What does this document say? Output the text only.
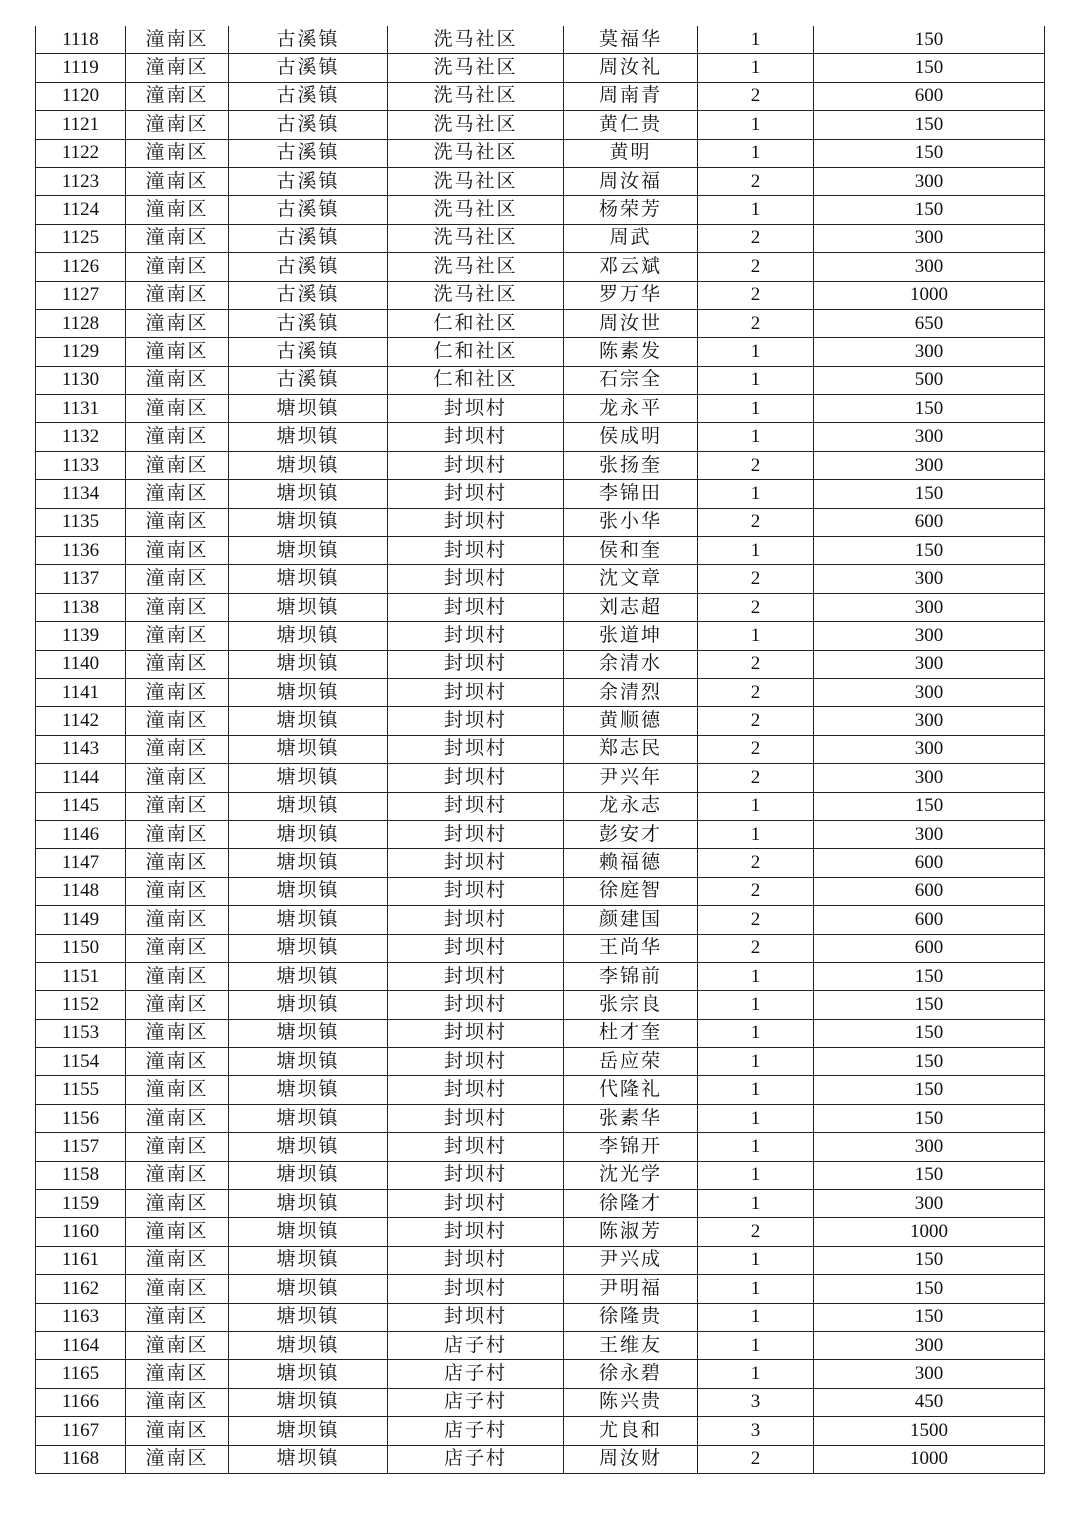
1118	潼南区	古溪镇	洗马社区	莫福华	1	150
1119	潼南区	古溪镇	洗马社区	周汝礼	1	150
1120	潼南区	古溪镇	洗马社区	周南青	2	600
1121	潼南区	古溪镇	洗马社区	黄仁贵	1	150
1122	潼南区	古溪镇	洗马社区	黄明	1	150
1123	潼南区	古溪镇	洗马社区	周汝福	2	300
1124	潼南区	古溪镇	洗马社区	杨荣芳	1	150
1125	潼南区	古溪镇	洗马社区	周武	2	300
1126	潼南区	古溪镇	洗马社区	邓云斌	2	300
1127	潼南区	古溪镇	洗马社区	罗万华	2	1000
1128	潼南区	古溪镇	仁和社区	周汝世	2	650
1129	潼南区	古溪镇	仁和社区	陈素发	1	300
1130	潼南区	古溪镇	仁和社区	石宗全	1	500
1131	潼南区	塘坝镇	封坝村	龙永平	1	150
1132	潼南区	塘坝镇	封坝村	侯成明	1	300
1133	潼南区	塘坝镇	封坝村	张扬奎	2	300
1134	潼南区	塘坝镇	封坝村	李锦田	1	150
1135	潼南区	塘坝镇	封坝村	张小华	2	600
1136	潼南区	塘坝镇	封坝村	侯和奎	1	150
1137	潼南区	塘坝镇	封坝村	沈文章	2	300
1138	潼南区	塘坝镇	封坝村	刘志超	2	300
1139	潼南区	塘坝镇	封坝村	张道坤	1	300
1140	潼南区	塘坝镇	封坝村	余清水	2	300
1141	潼南区	塘坝镇	封坝村	余清烈	2	300
1142	潼南区	塘坝镇	封坝村	黄顺德	2	300
1143	潼南区	塘坝镇	封坝村	郑志民	2	300
1144	潼南区	塘坝镇	封坝村	尹兴年	2	300
1145	潼南区	塘坝镇	封坝村	龙永志	1	150
1146	潼南区	塘坝镇	封坝村	彭安才	1	300
1147	潼南区	塘坝镇	封坝村	赖福德	2	600
1148	潼南区	塘坝镇	封坝村	徐庭智	2	600
1149	潼南区	塘坝镇	封坝村	颜建国	2	600
1150	潼南区	塘坝镇	封坝村	王尚华	2	600
1151	潼南区	塘坝镇	封坝村	李锦前	1	150
1152	潼南区	塘坝镇	封坝村	张宗良	1	150
1153	潼南区	塘坝镇	封坝村	杜才奎	1	150
1154	潼南区	塘坝镇	封坝村	岳应荣	1	150
1155	潼南区	塘坝镇	封坝村	代隆礼	1	150
1156	潼南区	塘坝镇	封坝村	张素华	1	150
1157	潼南区	塘坝镇	封坝村	李锦开	1	300
1158	潼南区	塘坝镇	封坝村	沈光学	1	150
1159	潼南区	塘坝镇	封坝村	徐隆才	1	300
1160	潼南区	塘坝镇	封坝村	陈淑芳	2	1000
1161	潼南区	塘坝镇	封坝村	尹兴成	1	150
1162	潼南区	塘坝镇	封坝村	尹明福	1	150
1163	潼南区	塘坝镇	封坝村	徐隆贵	1	150
1164	潼南区	塘坝镇	店子村	王维友	1	300
1165	潼南区	塘坝镇	店子村	徐永碧	1	300
1166	潼南区	塘坝镇	店子村	陈兴贵	3	450
1167	潼南区	塘坝镇	店子村	尤良和	3	1500
1168	潼南区	塘坝镇	店子村	周汝财	2	1000
